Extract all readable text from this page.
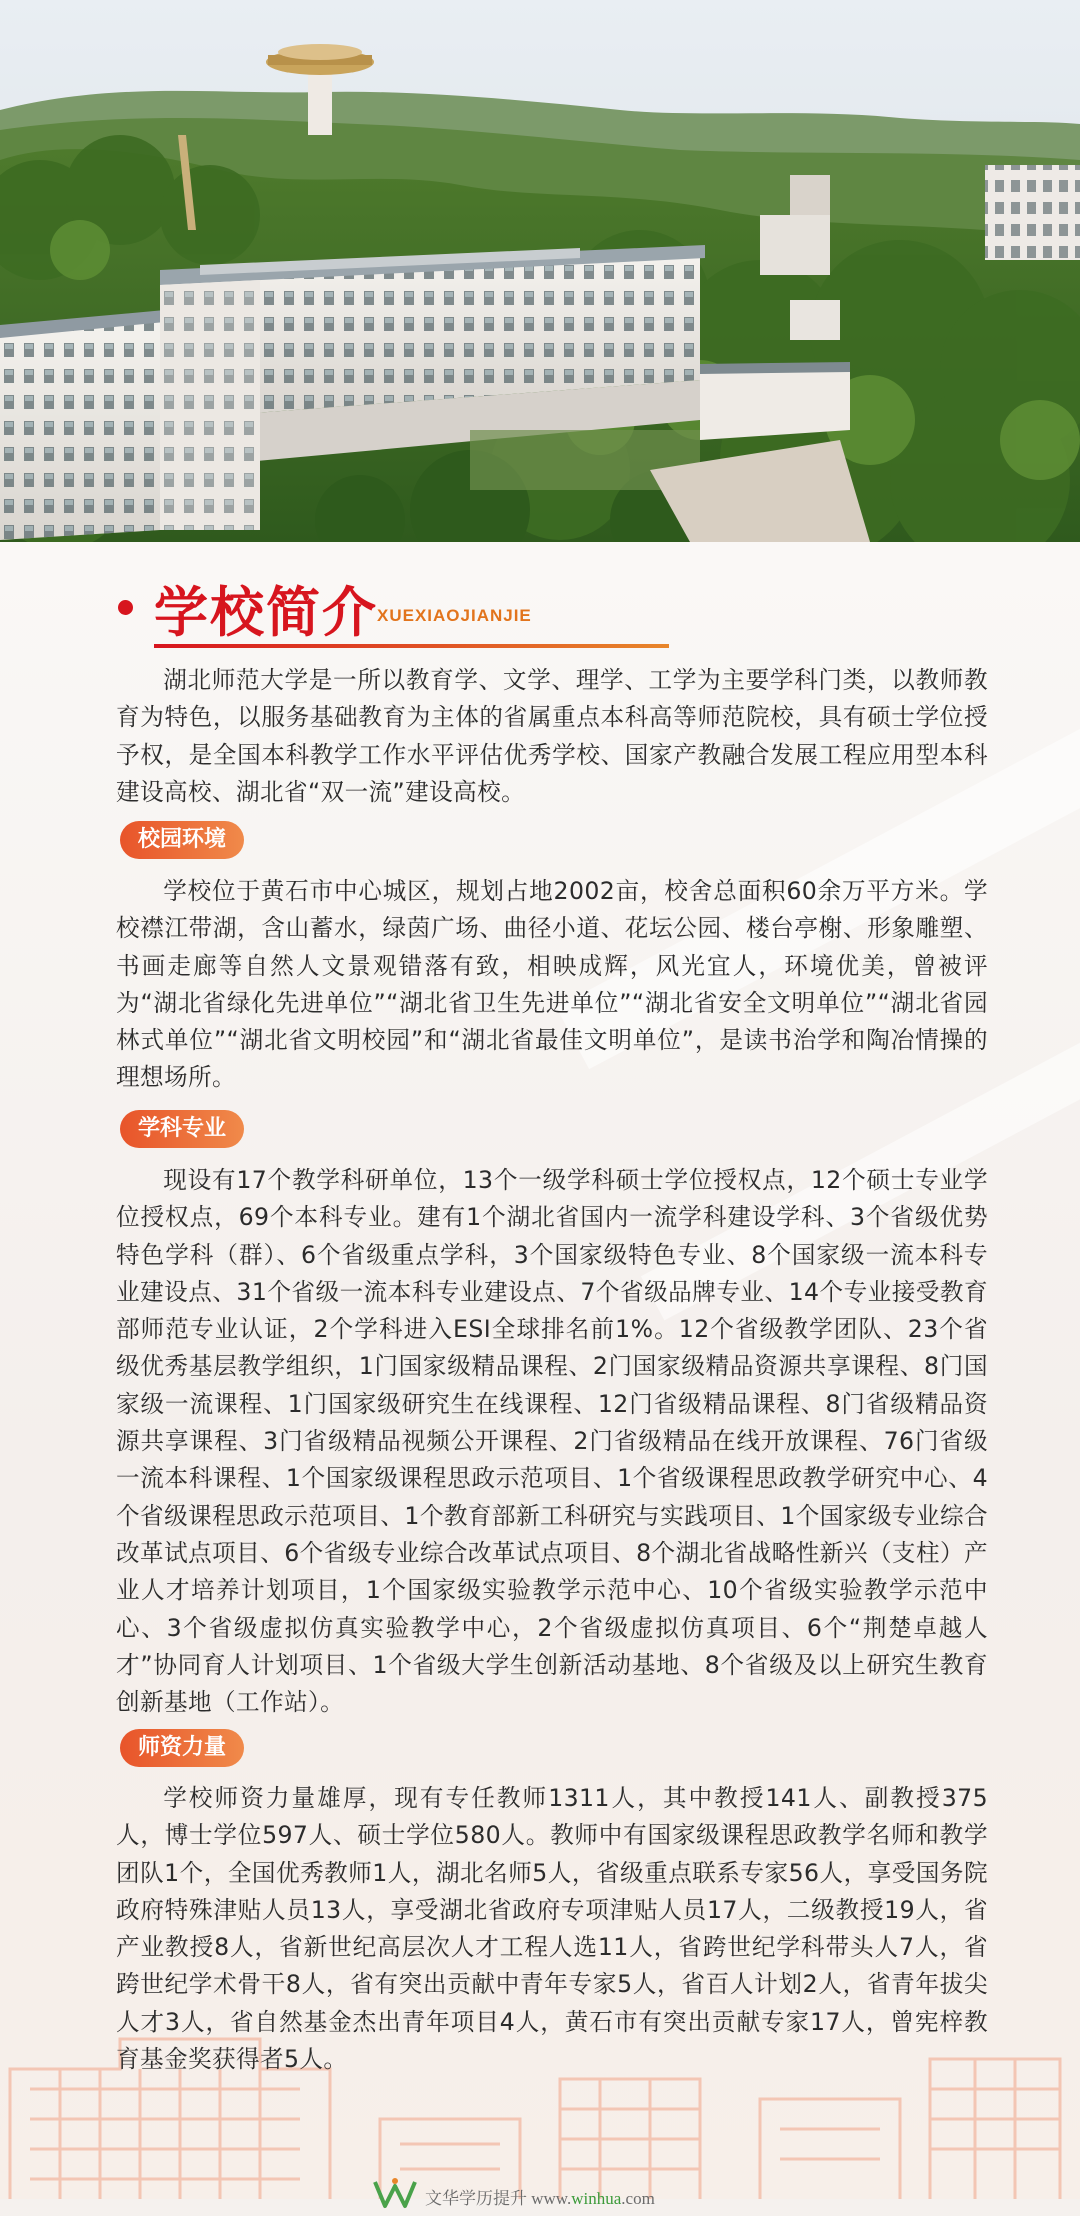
学校简介 XUEXIAOJIANJIE

湖北师范大学是一所以教育学、文学、理学、工学为主要学科门类，以教师教育为特色，以服务基础教育为主体的省属重点本科高等师范院校，具有硕士学位授予权，是全国本科教学工作水平评估优秀学校、国家产教融合发展工程应用型本科建设高校、湖北省“双一流”建设高校。

校园环境

学校位于黄石市中心城区，规划占地2002亩，校舍总面积60余万平方米。学校襟江带湖，含山蓄水，绿茵广场、曲径小道、花坛公园、楼台亭榭、形象雕塑、书画走廊等自然人文景观错落有致，相映成辉，风光宜人，环境优美，曾被评为“湖北省绿化先进单位”“湖北省卫生先进单位”“湖北省安全文明单位”“湖北省园林式单位”“湖北省文明校园”和“湖北省最佳文明单位”，是读书治学和陶冶情操的理想场所。

学科专业

现设有17个教学科研单位，13个一级学科硕士学位授权点，12个硕士专业学位授权点，69个本科专业。建有1个湖北省国内一流学科建设学科、3个省级优势特色学科（群）、6个省级重点学科，3个国家级特色专业、8个国家级一流本科专业建设点、31个省级一流本科专业建设点、7个省级品牌专业、14个专业接受教育部师范专业认证，2个学科进入ESI全球排名前1%。12个省级教学团队、23个省级优秀基层教学组织，1门国家级精品课程、2门国家级精品资源共享课程、8门国家级一流课程、1门国家级研究生在线课程、12门省级精品课程、8门省级精品资源共享课程、3门省级精品视频公开课程、2门省级精品在线开放课程、76门省级一流本科课程、1个国家级课程思政示范项目、1个省级课程思政教学研究中心、4个省级课程思政示范项目、1个教育部新工科研究与实践项目、1个国家级专业综合改革试点项目、6个省级专业综合改革试点项目、8个湖北省战略性新兴（支柱）产业人才培养计划项目，1个国家级实验教学示范中心、10个省级实验教学示范中心、3个省级虚拟仿真实验教学中心，2个省级虚拟仿真项目、6个“荆楚卓越人才”协同育人计划项目、1个省级大学生创新活动基地、8个省级及以上研究生教育创新基地（工作站）。

师资力量

学校师资力量雄厚，现有专任教师1311人，其中教授141人、副教授375人，博士学位597人、硕士学位580人。教师中有国家级课程思政教学名师和教学团队1个，全国优秀教师1人，湖北名师5人，省级重点联系专家56人，享受国务院政府特殊津贴人员13人，享受湖北省政府专项津贴人员17人，二级教授19人，省产业教授8人，省新世纪高层次人才工程人选11人，省跨世纪学科带头人7人，省跨世纪学术骨干8人，省有突出贡献中青年专家5人，省百人计划2人，省青年拔尖人才3人，省自然基金杰出青年项目4人，黄石市有突出贡献专家17人，曾宪梓教育基金奖获得者5人。

文华学历提升 www.winhua.com
